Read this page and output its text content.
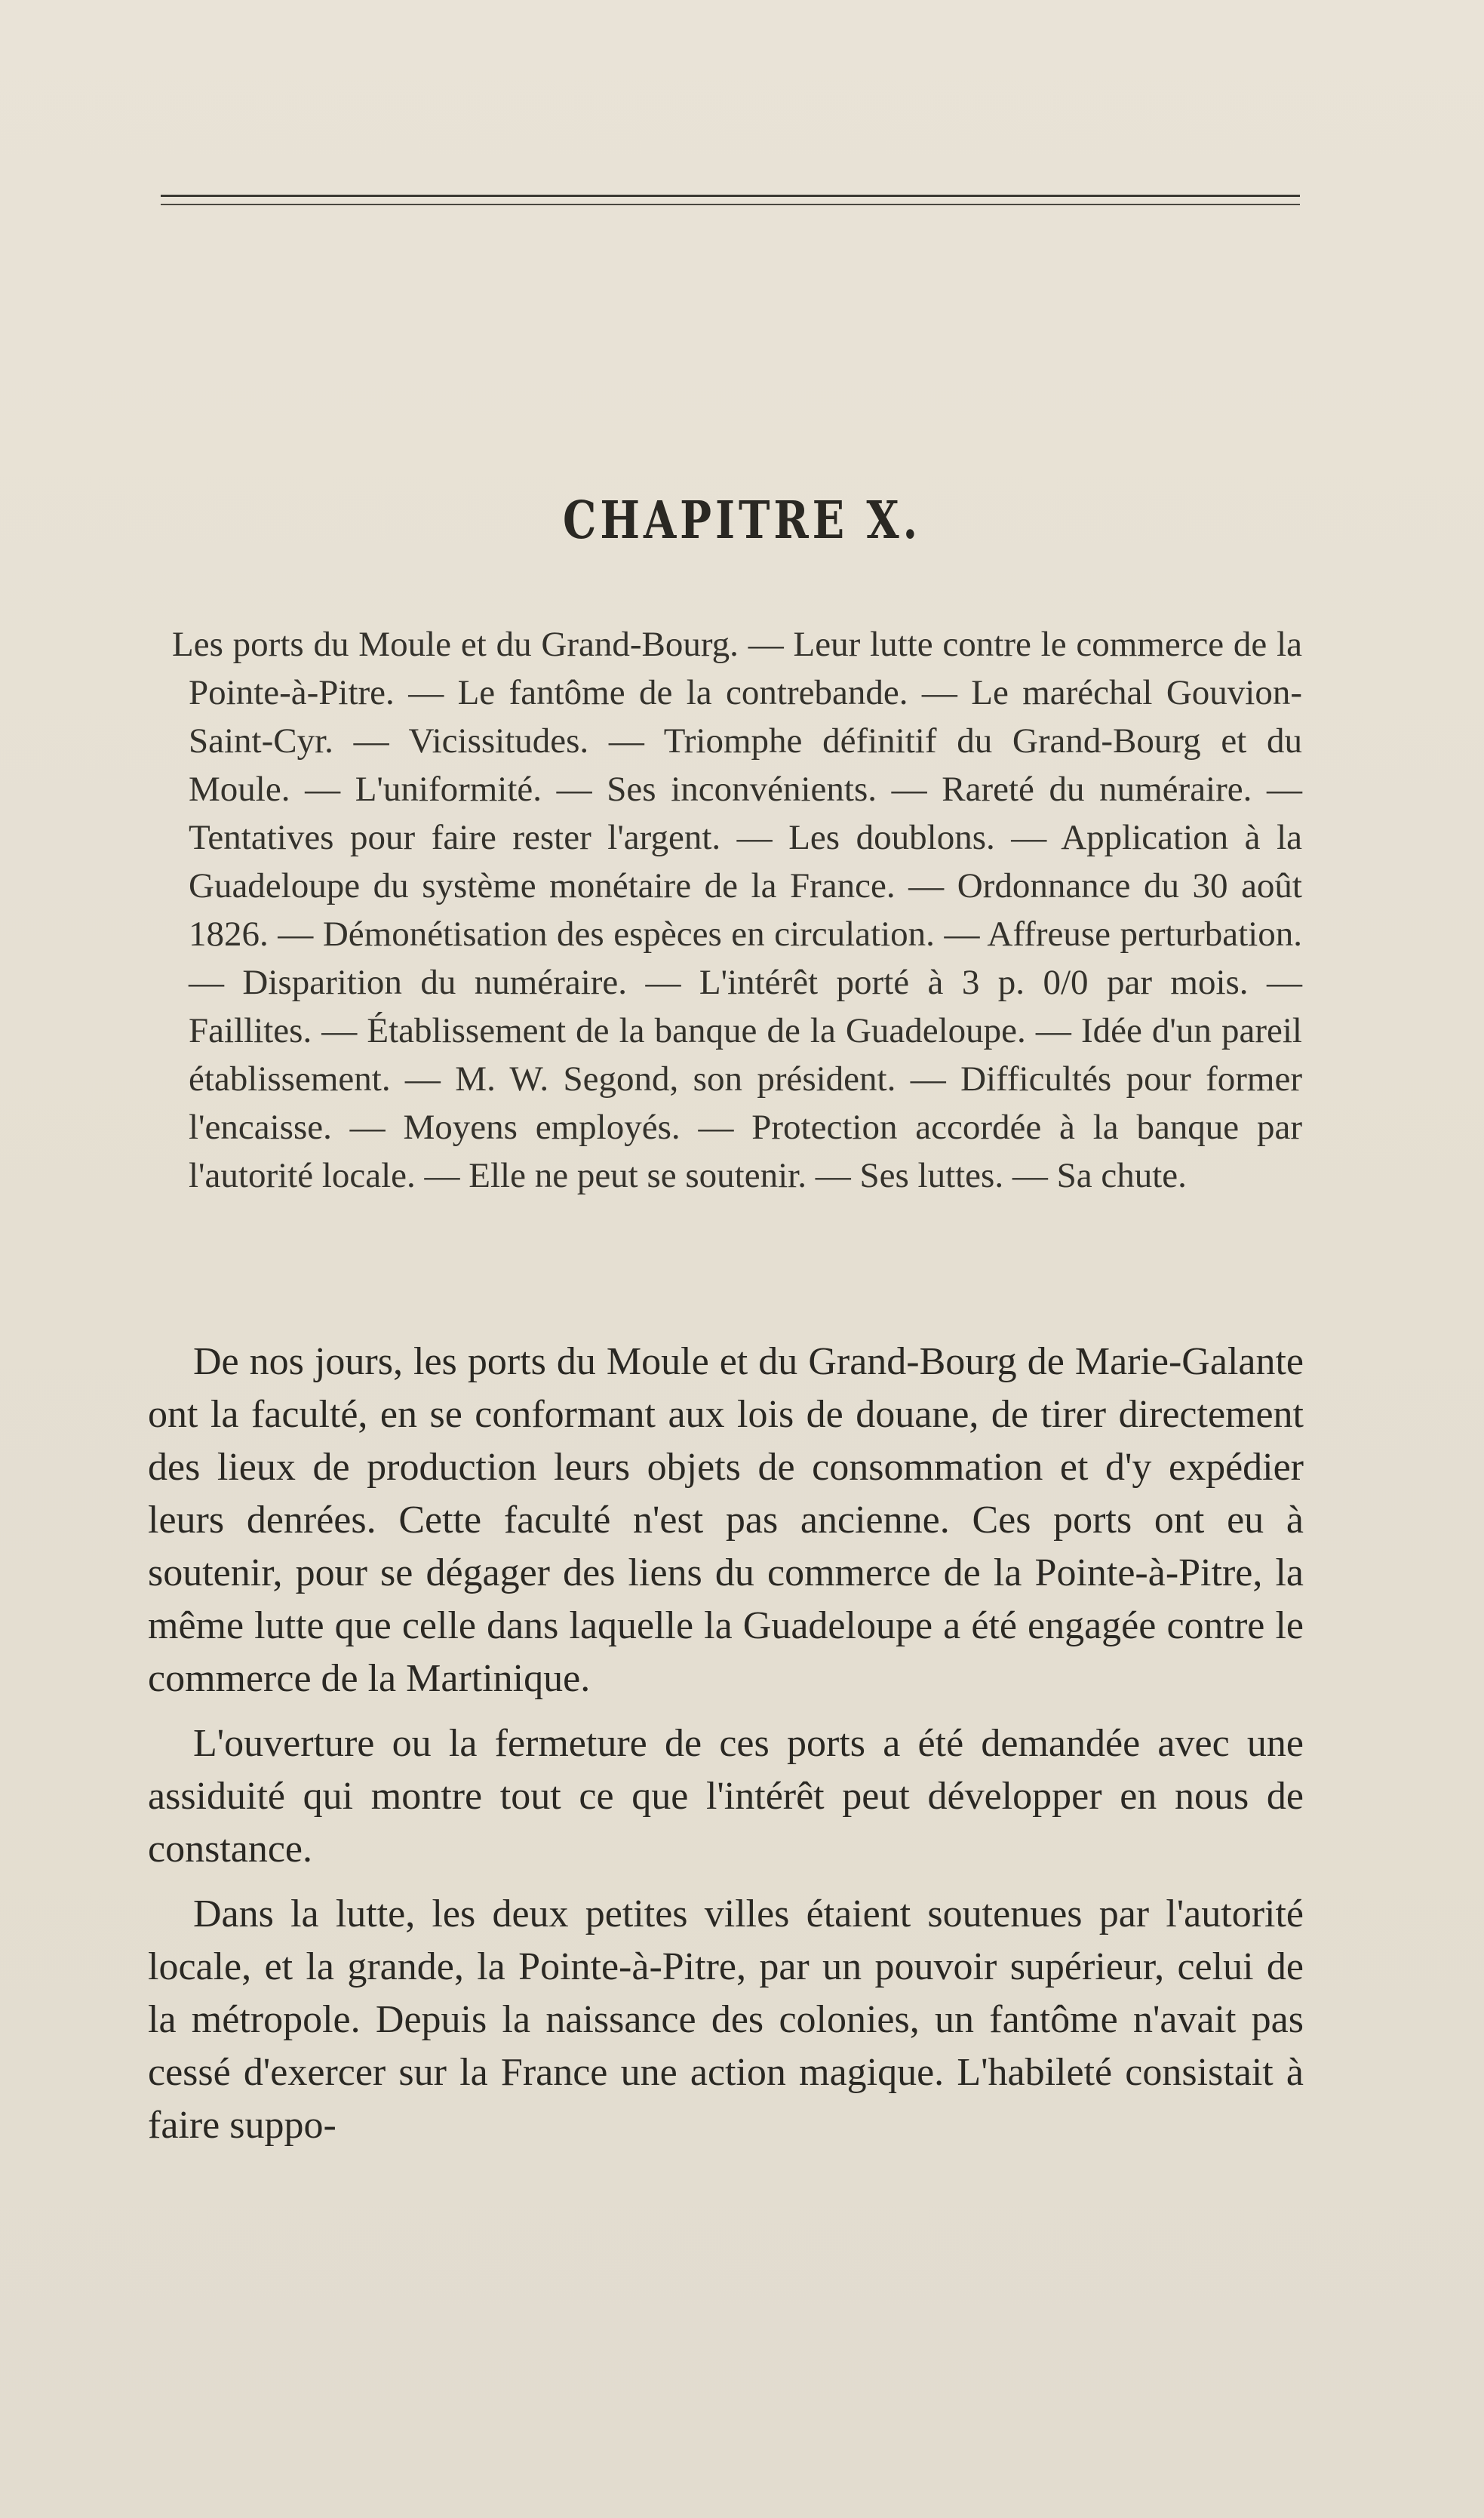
CHAPITRE X.
Les ports du Moule et du Grand-Bourg. — Leur lutte contre le commerce de la Pointe-à-Pitre. — Le fantôme de la contrebande. — Le maréchal Gouvion-Saint-Cyr. — Vicissitudes. — Triomphe définitif du Grand-Bourg et du Moule. — L'uniformité. — Ses inconvénients. — Rareté du numéraire. — Tentatives pour faire rester l'argent. — Les doublons. — Application à la Guadeloupe du système monétaire de la France. — Ordonnance du 30 août 1826. — Démonétisation des espèces en circulation. — Affreuse perturbation. — Disparition du numéraire. — L'intérêt porté à 3 p. 0/0 par mois. — Faillites. — Établissement de la banque de la Guadeloupe. — Idée d'un pareil établissement. — M. W. Segond, son président. — Difficultés pour former l'encaisse. — Moyens employés. — Protection accordée à la banque par l'autorité locale. — Elle ne peut se soutenir. — Ses luttes. — Sa chute.

De nos jours, les ports du Moule et du Grand-Bourg de Marie-Galante ont la faculté, en se conformant aux lois de douane, de tirer directement des lieux de production leurs objets de consommation et d'y expédier leurs denrées. Cette faculté n'est pas ancienne. Ces ports ont eu à soutenir, pour se dégager des liens du commerce de la Pointe-à-Pitre, la même lutte que celle dans laquelle la Guadeloupe a été engagée contre le commerce de la Martinique.

L'ouverture ou la fermeture de ces ports a été demandée avec une assiduité qui montre tout ce que l'intérêt peut développer en nous de constance.

Dans la lutte, les deux petites villes étaient soutenues par l'autorité locale, et la grande, la Pointe-à-Pitre, par un pouvoir supérieur, celui de la métropole. Depuis la naissance des colonies, un fantôme n'avait pas cessé d'exercer sur la France une action magique. L'habileté consistait à faire suppo-
